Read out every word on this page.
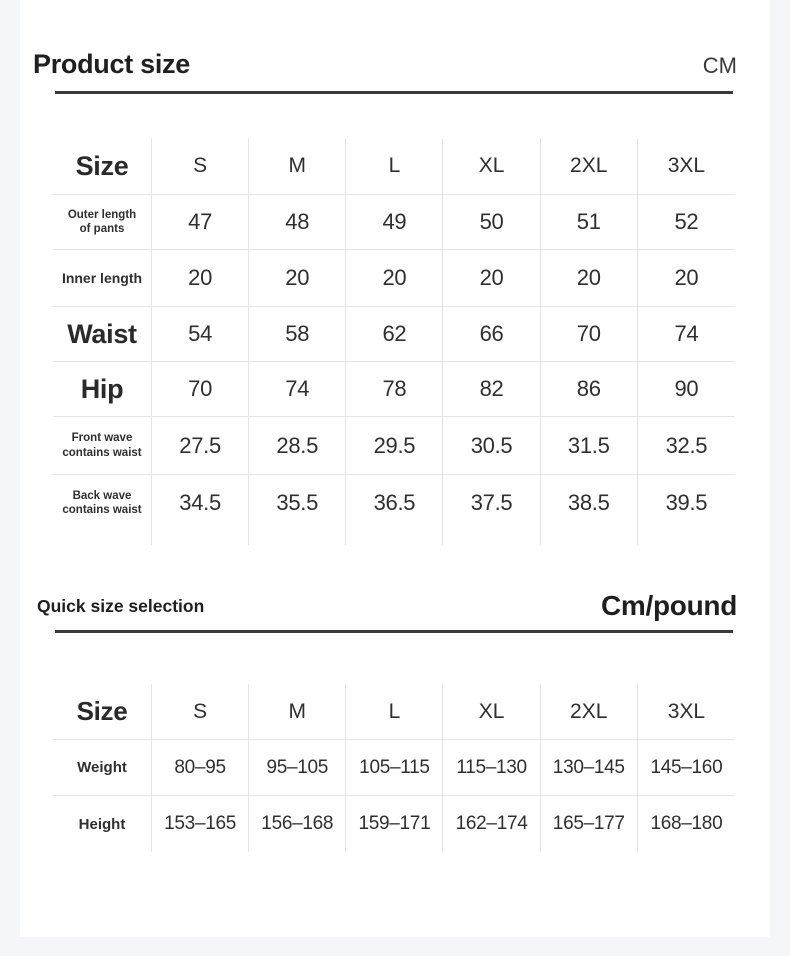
Product size	CM
Size	S	M	L	XL	2XL	3XL
Outer length
of pants	47	48	49	50	51	52
Inner length	20	20	20	20	20	20
Waist	54	58	62	66	70	74
Hip	70	74	78	82	86	90
Front wave
contains waist	27.5	28.5	29.5	30.5	31.5	32.5
Back wave
contains waist	34.5	35.5	36.5	37.5	38.5	39.5
Quick size selection	Cm/pound
Size	S	M	L	XL	2XL	3XL
Weight	80–95	95–105	105–115	115–130	130–145	145–160
Height	153–165	156–168	159–171	162–174	165–177	168–180
